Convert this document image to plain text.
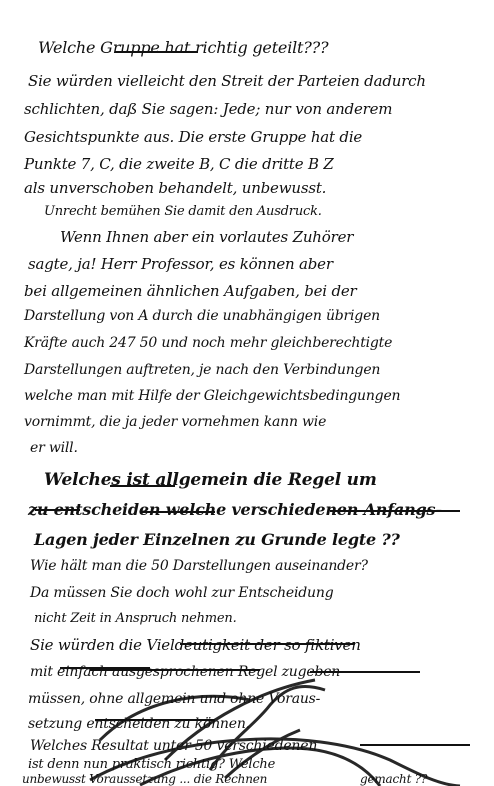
Welche Gruppe hat richtig geteilt???
Sie würden vielleicht den Streit der Parteien dadurch
schlichten, daß Sie sagen: Jede; nur von anderem
Gesichtspunkte aus. Die erste Gruppe hat die
Punkte 7, C, die zweite B, C die dritte B Z
als unverschoben behandelt, unbewusst.
Unrecht bemühen Sie damit den Ausdruck.
Wenn Ihnen aber ein vorlautes Zuhörer
sagte, ja! Herr Professor, es können aber
bei allgemeinen ähnlichen Aufgaben, bei der
Darstellung von A durch die unabhängigen übrigen
Kräfte auch 247 50 und noch mehr gleichberechtigte
Darstellungen auftreten, je nach den Verbindungen
welche man mit Hilfe der Gleichgewichtsbedingungen
vornimmt, die ja jeder vornehmen kann wie
er will.
Welches ist allgemein die Regel um
zu entscheiden welche verschiedenen Anfangs-
Lagen jeder Einzelnen zu Grunde legte ??
Wie hält man die 50 Darstellungen auseinander?
Da müssen Sie doch wohl zur Entscheidung
nicht Zeit in Anspruch nehmen.
Sie würden die Vieldeutigkeit der so fiktiven
mit einfach ausgesprochenen Regel zugeben
müssen, ohne allgemein und ohne Voraus-
setzung entscheiden zu können.
Welches Resultat unter 50 verschiedenen
ist denn nun praktisch richtig? Welche
unbewusst Voraussetzung ... die Rechnen	gemacht ??
